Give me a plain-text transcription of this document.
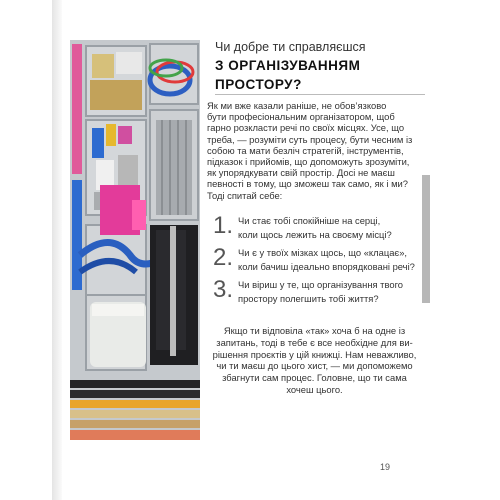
Чи добре ти справляєшся
З ОРГАНІЗУВАННЯМ
ПРОСТОРУ?
Як ми вже казали раніше, не обов’язково
бути професіональним організатором, щоб
гарно розкласти речі по своїх місцях. Усе, що
треба, — розуміти суть процесу, бути чесним із
собою та мати безліч стратегій, інструментів,
підказок і прийомів, що допоможуть зрозуміти,
як упорядкувати свій простір. Досі не маєш
певності в тому, що зможеш так само, як і ми?
Тоді спитай себе:
1. Чи стає тобі спокійніше на серці,
коли щось лежить на своєму місці?
2. Чи є у твоїх мізках щось, що «клацає»,
коли бачиш ідеально впорядковані речі?
3. Чи віриш у те, що організування твого
простору полегшить тобі життя?
Якщо ти відповіла «так» хоча б на одне із
запитань, тоді в тебе є все необхідне для ви-
рішення проєктів у цій книжці. Нам неважливо,
чи ти маєш до цього хист, — ми допоможемо
збагнути сам процес. Головне, що ти сама
хочеш цього.
19
